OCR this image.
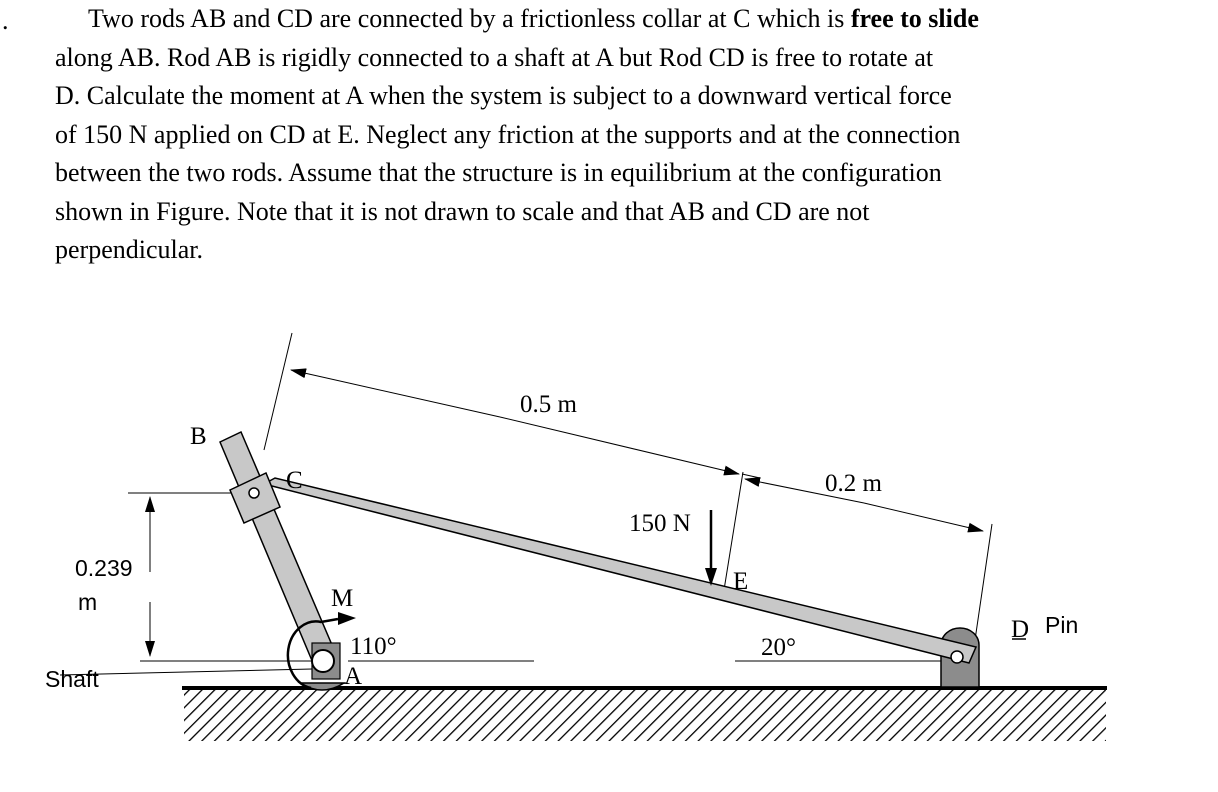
.	Two rods AB and CD are connected by a frictionless collar at C which is free to slide
along AB. Rod AB is rigidly connected to a shaft at A but Rod CD is free to rotate at
D. Calculate the moment at A when the system is subject to a downward vertical force
of 150 N applied on CD at E. Neglect any friction at the supports and at the connection
between the two rods. Assume that the structure is in equilibrium at the configuration
shown in Figure. Note that it is not drawn to scale and that AB and CD are not
perpendicular.
B
C
M
110°
A
0.5 m
0.2 m
150 N
E
20°
D Pin
0.239
m
Shaft
